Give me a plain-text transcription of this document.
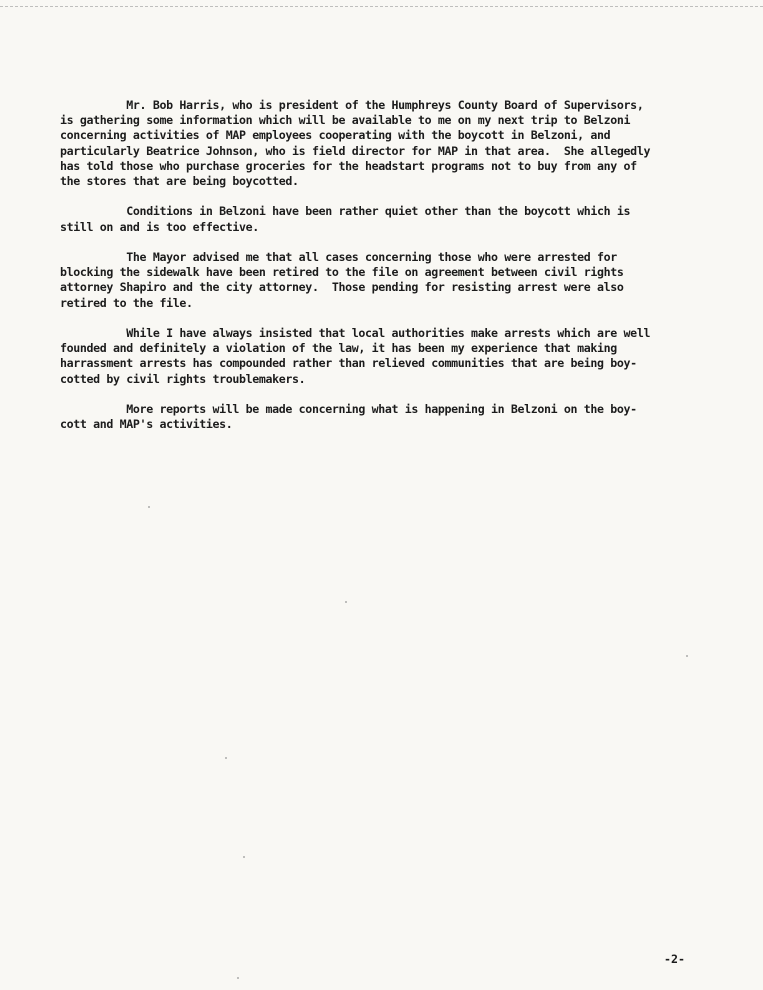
Mr. Bob Harris, who is president of the Humphreys County Board of Supervisors,
is gathering some information which will be available to me on my next trip to Belzoni
concerning activities of MAP employees cooperating with the boycott in Belzoni, and
particularly Beatrice Johnson, who is field director for MAP in that area.  She allegedly
has told those who purchase groceries for the headstart programs not to buy from any of
the stores that are being boycotted.

Conditions in Belzoni have been rather quiet other than the boycott which is
still on and is too effective.

The Mayor advised me that all cases concerning those who were arrested for
blocking the sidewalk have been retired to the file on agreement between civil rights
attorney Shapiro and the city attorney.  Those pending for resisting arrest were also
retired to the file.

While I have always insisted that local authorities make arrests which are well
founded and definitely a violation of the law, it has been my experience that making
harrassment arrests has compounded rather than relieved communities that are being boy-
cotted by civil rights troublemakers.

More reports will be made concerning what is happening in Belzoni on the boy-
cott and MAP's activities.

-2-
